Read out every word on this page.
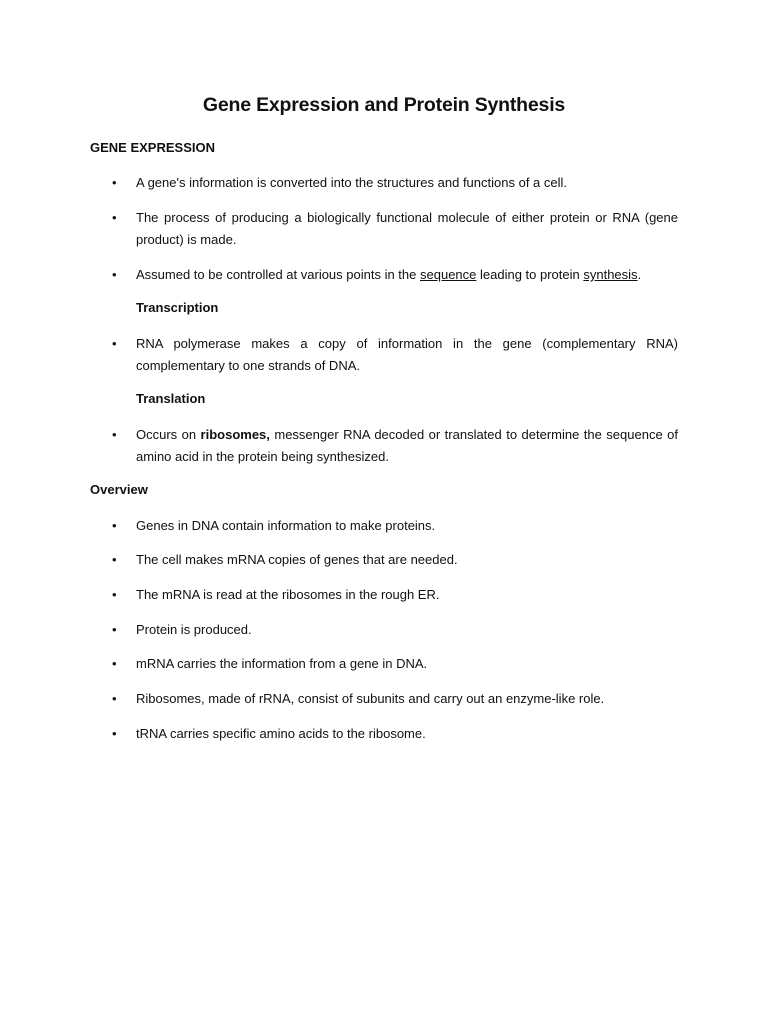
Gene Expression and Protein Synthesis
GENE EXPRESSION
•	A gene's information is converted into the structures and functions of a cell.
•	The process of producing a biologically functional molecule of either protein or RNA (gene product) is made.
•	Assumed to be controlled at various points in the sequence leading to protein synthesis.
Transcription
•	RNA polymerase makes a copy of information in the gene (complementary RNA) complementary to one strands of DNA.
Translation
•	Occurs on ribosomes, messenger RNA decoded or translated to determine the sequence of amino acid in the protein being synthesized.
Overview
•	Genes in DNA contain information to make proteins.
•	The cell makes mRNA copies of genes that are needed.
•	The mRNA is read at the ribosomes in the rough ER.
•	Protein is produced.
•	mRNA carries the information from a gene in DNA.
•	Ribosomes, made of rRNA, consist of subunits and carry out an enzyme-like role.
•	tRNA carries specific amino acids to the ribosome.
